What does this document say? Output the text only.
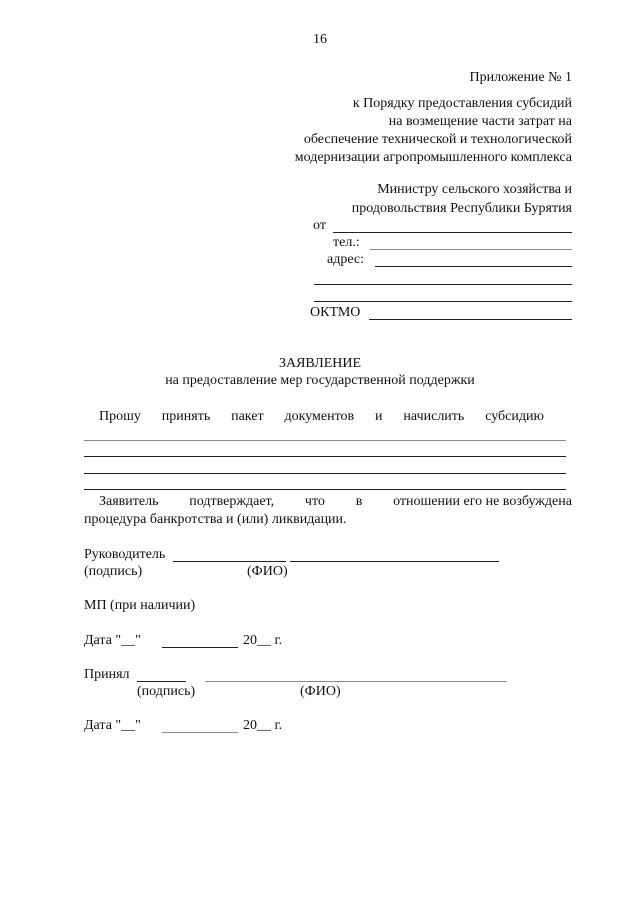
16
Приложение № 1
к Порядку предоставления субсидий
на возмещение части затрат на
обеспечение технической и технологической
модернизации агропромышленного комплекса
Министру сельского хозяйства и
продовольствия Республики Бурятия
от
тел.:
адрес:
ОКТМО
ЗАЯВЛЕНИЕ
на предоставление мер государственной поддержки
Прошу принять пакет документов и начислить субсидию
Заявитель подтверждает, что в отношении его не возбуждена
процедура банкротства и (или) ликвидации.
Руководитель
(подпись)	(ФИО)
МП (при наличии)
Дата "__"	20__ г.
Принял
(подпись)	(ФИО)
Дата "__"	20__ г.
